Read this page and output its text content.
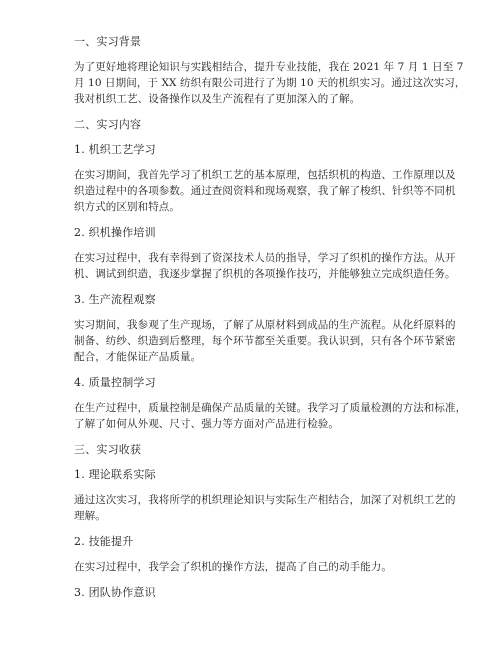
一、实习背景
为了更好地将理论知识与实践相结合，提升专业技能，我在 2021 年 7 月 1 日至 7
月 10 日期间，于 XX 纺织有限公司进行了为期 10 天的机织实习。通过这次实习，
我对机织工艺、设备操作以及生产流程有了更加深入的了解。
二、实习内容
1. 机织工艺学习
在实习期间，我首先学习了机织工艺的基本原理，包括织机的构造、工作原理以及
织造过程中的各项参数。通过查阅资料和现场观察，我了解了梭织、针织等不同机
织方式的区别和特点。
2. 织机操作培训
在实习过程中，我有幸得到了资深技术人员的指导，学习了织机的操作方法。从开
机、调试到织造，我逐步掌握了织机的各项操作技巧，并能够独立完成织造任务。
3. 生产流程观察
实习期间，我参观了生产现场，了解了从原材料到成品的生产流程。从化纤原料的
制备、纺纱、织造到后整理，每个环节都至关重要。我认识到，只有各个环节紧密
配合，才能保证产品质量。
4. 质量控制学习
在生产过程中，质量控制是确保产品质量的关键。我学习了质量检测的方法和标准，
了解了如何从外观、尺寸、强力等方面对产品进行检验。
三、实习收获
1. 理论联系实际
通过这次实习，我将所学的机织理论知识与实际生产相结合，加深了对机织工艺的
理解。
2. 技能提升
在实习过程中，我学会了织机的操作方法，提高了自己的动手能力。
3. 团队协作意识
